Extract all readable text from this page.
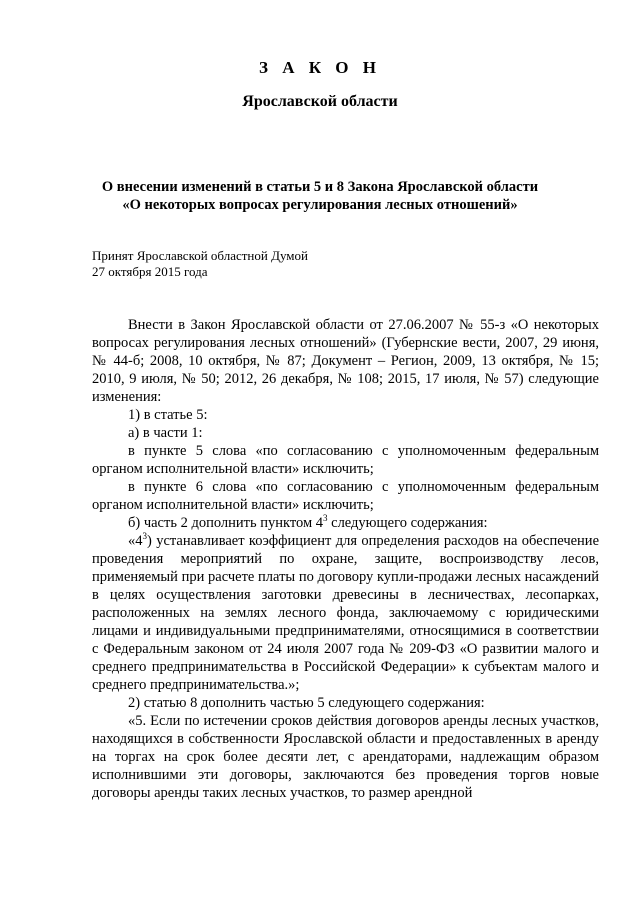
З А К О Н
Ярославской области
О внесении изменений в статьи 5 и 8 Закона Ярославской области
«О некоторых вопросах регулирования лесных отношений»
Принят Ярославской областной Думой
27 октября 2015 года

Внести в Закон Ярославской области от 27.06.2007 № 55-з «О некоторых вопросах регулирования лесных отношений» (Губернские вести, 2007, 29 июня, № 44-б; 2008, 10 октября, № 87; Документ – Регион, 2009, 13 октября, № 15; 2010, 9 июля, № 50; 2012, 26 декабря, № 108; 2015, 17 июля, № 57) следующие изменения:

1) в статье 5:

а) в части 1:

в пункте 5 слова «по согласованию с уполномоченным федеральным органом исполнительной власти» исключить;

в пункте 6 слова «по согласованию с уполномоченным федеральным органом исполнительной власти» исключить;

б) часть 2 дополнить пунктом $4^3$ следующего содержания:

«$4^3$) устанавливает коэффициент для определения расходов на обеспечение проведения мероприятий по охране, защите, воспроизводству лесов, применяемый при расчете платы по договору купли-продажи лесных насаждений в целях осуществления заготовки древесины в лесничествах, лесопарках, расположенных на землях лесного фонда, заключаемому с юридическими лицами и индивидуальными предпринимателями, относящимися в соответствии с Федеральным законом от 24 июля 2007 года № 209-ФЗ «О развитии малого и среднего предпринимательства в Российской Федерации» к субъектам малого и среднего предпринимательства.»;

2) статью 8 дополнить частью 5 следующего содержания:

«5. Если по истечении сроков действия договоров аренды лесных участков, находящихся в собственности Ярославской области и предоставленных в аренду на торгах на срок более десяти лет, с арендаторами, надлежащим образом исполнившими эти договоры, заключаются без проведения торгов новые договоры аренды таких лесных участков, то размер арендной
